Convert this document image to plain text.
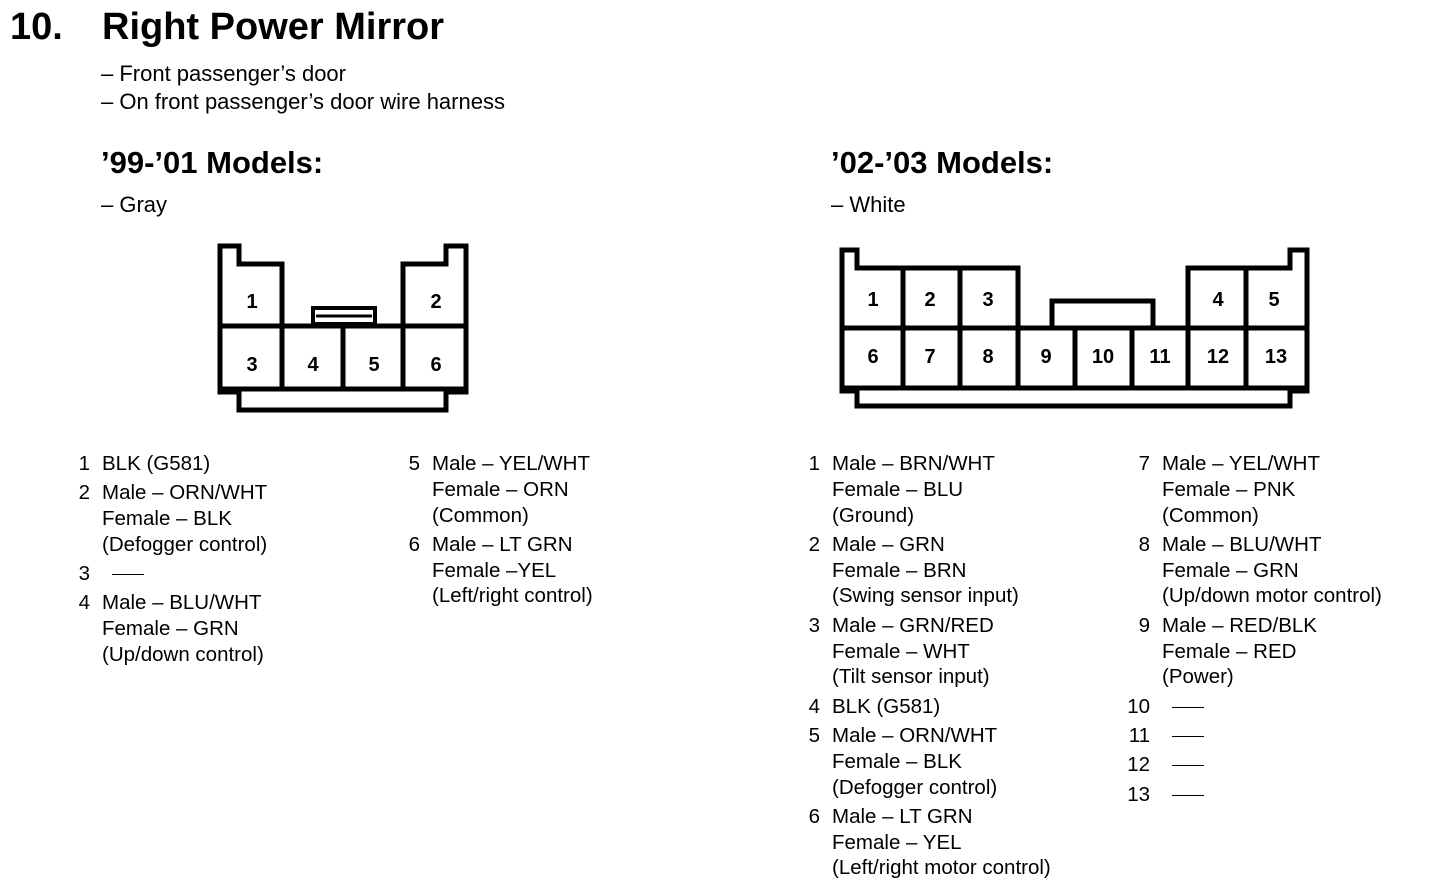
10. Right Power Mirror
– Front passenger’s door
– On front passenger’s door wire harness
’99-’01 Models:
– Gray
1	2
3 4 5	6
’02-’03 Models:
– White
1 2 3	4 5
6 7 8 9 10 11 12 13
1 BLK (G581)
2 Male – ORN/WHT
Female – BLK
(Defogger control)
3

4 Male – BLU/WHT
Female – GRN
(Up/down control)
5 Male – YEL/WHT
Female – ORN
(Common)
6 Male – LT GRN
Female –YEL
(Left/right control)
1 Male – BRN/WHT
Female – BLU
(Ground)
2 Male – GRN
Female – BRN
(Swing sensor input)
3 Male – GRN/RED
Female – WHT
(Tilt sensor input)
4 BLK (G581)
5 Male – ORN/WHT
Female – BLK
(Defogger control)
6 Male – LT GRN
Female – YEL
(Left/right motor control)
7 Male – YEL/WHT
Female – PNK
(Common)
8 Male – BLU/WHT
Female – GRN
(Up/down motor control)
9 Male – RED/BLK
Female – RED
(Power)
10

11

12

13
